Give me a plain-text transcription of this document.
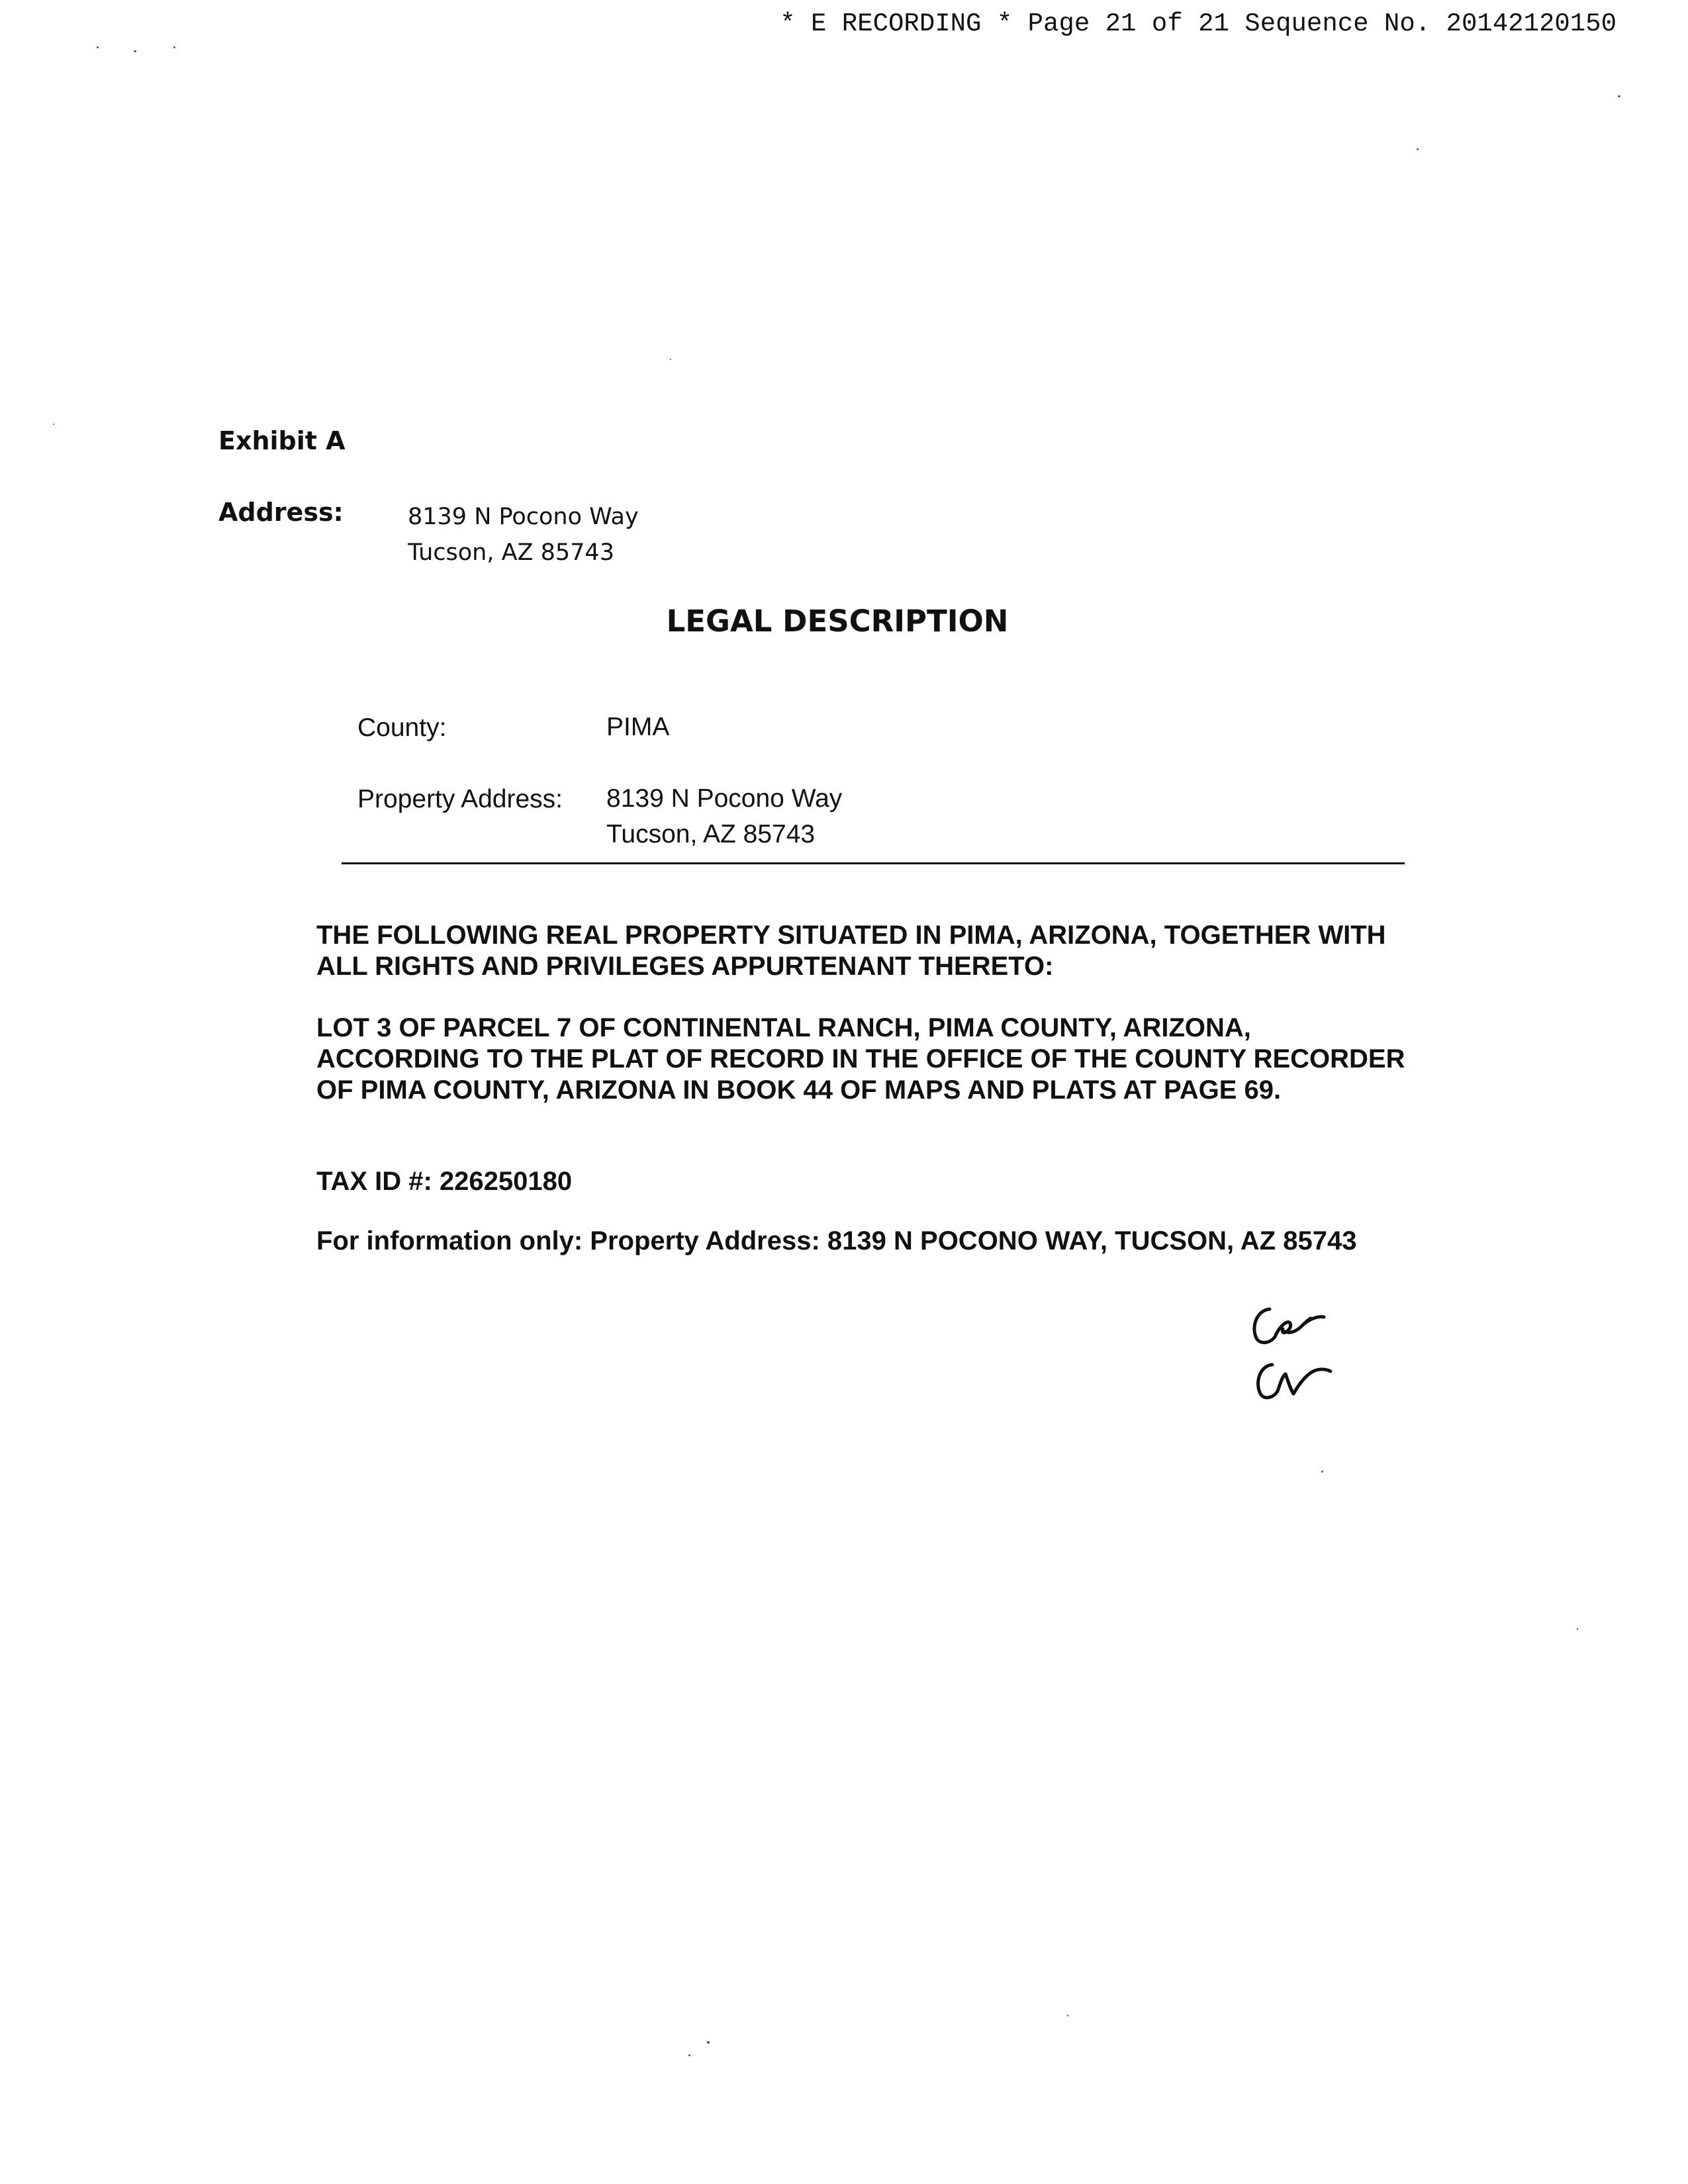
* E RECORDING * Page 21 of 21 Sequence No. 20142120150
Exhibit A
Address:	8139 N Pocono Way
Tucson, AZ 85743
LEGAL DESCRIPTION
County:	PIMA
Property Address: 8139 N Pocono Way
Tucson, AZ 85743

THE FOLLOWING REAL PROPERTY SITUATED IN PIMA, ARIZONA, TOGETHER WITH ALL RIGHTS AND PRIVILEGES APPURTENANT THERETO:

LOT 3 OF PARCEL 7 OF CONTINENTAL RANCH, PIMA COUNTY, ARIZONA, ACCORDING TO THE PLAT OF RECORD IN THE OFFICE OF THE COUNTY RECORDER OF PIMA COUNTY, ARIZONA IN BOOK 44 OF MAPS AND PLATS AT PAGE 69.

TAX ID #: 226250180

For information only: Property Address: 8139 N POCONO WAY, TUCSON, AZ 85743
